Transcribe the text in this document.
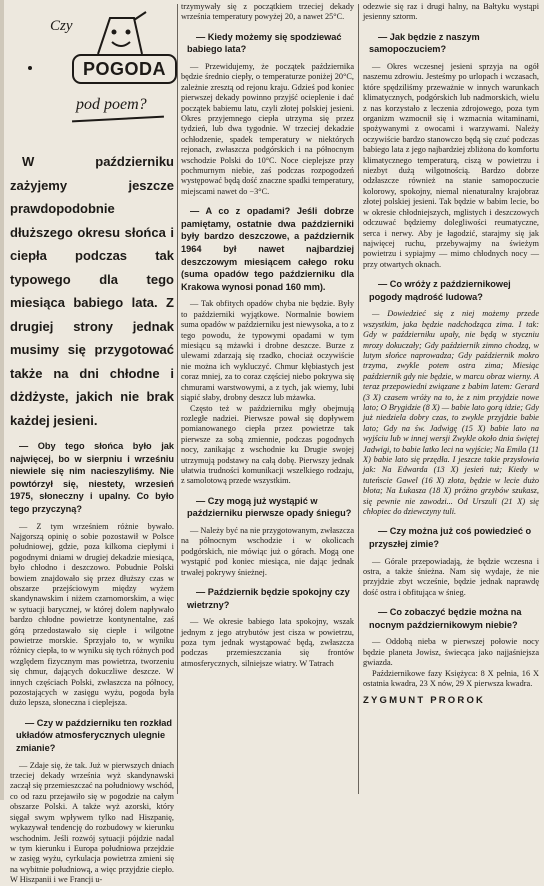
Czy
POGODA
pod poem?
W październiku zażyjemy jeszcze prawdopodobnie dłuższego okresu słońca i ciepła podczas tak typowego dla tego miesiąca babiego lata. Z drugiej strony jednak musimy się przygotować także na dni chłodne i dżdżyste, jakich nie brak każdej jesieni.
— Oby tego słońca było jak najwięcej, bo w sierpniu i wrześniu niewiele się nim nacieszyliśmy. Nie powtórzył się, niestety, wrzesień 1975, słoneczny i upalny. Co było tego przyczyną?

— Z tym wrześniem różnie bywało. Najgorszą opinię o sobie pozostawił w Polsce południowej, gdzie, poza kilkoma ciepłymi i pogodnymi dniami w drugiej dekadzie miesiąca, było chłodno i deszczowo. Pobudnie Polski bowiem znajdowało się przez dłuższy czas w obszarze przejściowym między wyżem skandynawskim i niżem czarnomorskim, a więc w sytuacji barycznej, w której dolem napływało bardzo chłodne powietrze kontynentalne, zaś górą przedostawało się ciepłe i wilgotne powietrze morskie. Sprzyjało to, w wyniku różnicy ciepła, to w wyniku się tych różnych pod względem fizycznym mas powietrza, tworzeniu się chmur, dających dokuczliwe deszcze. W innych częściach Polski, zwłaszcza na północy, pozostających w zasięgu wyżu, pogoda była dużo lepsza, słoneczna i cieplejsza.

— Czy w październiku ten rozkład układów atmosferycznych ulegnie zmianie?

— Zdaje się, że tak. Już w pierwszych dniach trzeciej dekady września wyż skandynawski zaczął się przemieszczać na południowy wschód, co od razu przejawiło się w pogodzie na całym obszarze Polski. A także wyż azorski, który sięgał swym wpływem tylko nad Hiszpanię, wykazywał tendencję do rozbudowy w kierunku wschodnim. Jeśli rozwój sytuacji pójdzie nadal w tym kierunku i Europa południowa przejdzie w zasięg wyżu, cyrkulacja powietrza zmieni się na wybitnie południową, a więc przyjdzie ciepło. W Hiszpanii i we Francji u-

trzymywały się z początkiem trzeciej dekady września temperatury powyżej 20, a nawet 25°C.

— Kiedy możemy się spodziewać babiego lata?

— Przewidujemy, że początek października będzie średnio ciepły, o temperaturze poniżej 20°C, zależnie zresztą od rejonu kraju. Gdzieś pod koniec pierwszej dekady powinno przyjść ocieplenie i dać początek babiemu latu, czyli złotej polskiej jesieni. Okres przyjemnego ciepła utrzyma się przez tydzień, lub dwa tygodnie. W trzeciej dekadzie ochłodzenie, spadek temperatury w niektórych rejonach, zwłaszcza podgórskich i na północnym wschodzie Polski do 10°C. Noce cieplejsze przy pochmurnym niebie, zaś podczas rozpogodzeń występować będą dość znaczne spadki temperatury, miejscami nawet do −3°C.

— A co z opadami? Jeśli dobrze pamiętamy, ostatnie dwa październiki były bardzo deszczowe, a październik 1964 był nawet najbardziej deszczowym miesiącem całego roku (suma opadów tego październiku dla Krakowa wynosi ponad 160 mm).

— Tak obfitych opadów chyba nie będzie. Były to październiki wyjątkowe. Normalnie bowiem suma opadów w październiku jest niewysoka, a to z tego powodu, że typowymi opadami w tym miesiącu są mżawki i drobne deszcze. Burze z ulewami zdarzają się rzadko, chociaż oczywiście nie można ich wykluczyć. Chmur kłębiastych jest coraz mniej, za to coraz częściej niebo pokrywa się chmurami warstwowymi, a z tych, jak wiemy, lubi siąpić słaby, drobny deszcz lub mżawka.

Często też w październiku mgły obejmują rozległe nadziei. Pierwsze pował się dopływem pomianowanego ciepła przez powietrze tak pierwsze za sobą zmiennie, podczas pogodnych nocy, zanikając z wschodnie ku Drugie swojej utrzymują podstawy na całą dobę. Pierwszy jednak ułatwia trudności komunikacji wszelkiego rodzaju, z samolotową przede wszystkim.

— Czy mogą już wystąpić w październiku pierwsze opady śniegu?

— Należy być na nie przygotowanym, zwłaszcza na północnym wschodzie i w okolicach podgórskich, nie mówiąc już o górach. Mogą one wystąpić pod koniec miesiąca, nie dając jednak trwałej pokrywy śnieżnej.

— Październik będzie spokojny czy wietrzny?

— We okresie babiego lata spokojny, wszak jednym z jego atrybutów jest cisza w powietrzu, poza tym jednak wystąpować będą, zwłaszcza podczas przemieszczania się frontów atmosferycznych, silniejsze wiatry. W Tatrach

odezwie się raz i drugi halny, na Bałtyku wystąpi jesienny sztorm.

— Jak będzie z naszym samopoczuciem?

— Okres wczesnej jesieni sprzyja na ogół naszemu zdrowiu. Jesteśmy po urlopach i wczasach, które spędziliśmy przeważnie w innych warunkach klimatycznych, podgórskich lub nadmorskich, wielu z nas korzystało z leczenia zdrojowego, poza tym organizm wzmocnił się i wzmacnia witaminami, spożywanymi z owocami i warzywami. Należy oczywiście bardzo stanowczo będą się czuć podczas babiego lata z jego najbardziej zbliżona do komfortu klimatycznego temperaturą, ciszą w powietrzu i niezbyt dużą wilgotnością. Bardzo dobrze odzłaszcze również na stanie samopoczucie kolorowy, spokojny, niemal nienaturalny krajobraz złotej polskiej jesieni. Tak będzie w babim lecie, bo w okresie chłodniejszych, mglistych i deszczowych odczuwać będziemy dolegliwości reumatyczne, serca i nerwy. Aby je łagodzić, starajmy się jak najwięcej ruchu, przebywajmy na świeżym powietrzu i sypiajmy — mimo chłodnych nocy — przy otwartych oknach.

— Co wróży z październikowej pogody mądrość ludowa?

— Dowiedzieć się z niej możemy przede wszystkim, jaka będzie nadchodząca zima. I tak: Gdy w październiku upały, nie będą w styczniu mrozy dokuczały; Gdy październik zimno chodzą, w lutym słońce naprowadza; Gdy październik mokro trzyma, zwykle potem ostra zima; Miesiąc październik gdy nie będzie, w marcu obraz wierny. A teraz przepowiedni związane z babim latem: Gerard (3 X) czasem wróży na to, że z nim przyjdzie nowe lato; O Brygidzie (8 X) — babie lato gorą idzie; Gdy już niedziela dobry czas, to zwykle przyjdzie babie lato; Gdy na św. Jadwigę (15 X) babie lato na wyjściu lub w innej wersji Zwykle około dnia świętej Jadwigi, to babie latko leci na wyjście; Na Emila (11 X) babie lato się przędła. I jeszcze takie przysłowia jak: Na Edwarda (13 X) jesień tuż; Kiedy w tuteńscie Gawel (16 X) złota, będzie w lecie dużo błota; Na Łukasza (18 X) próżno grzybów szukasz, się pewnie nie zawodzi... Od Urszuli (21 X) się chłopiec do dziewczyny tuli.

— Czy można już coś powiedzieć o przyszłej zimie?

— Górale przepowiadają, że będzie wczesna i ostra, a także śnieżna. Nam się wydaje, że nie przyjdzie zbyt wcześnie, będzie jednak naprawdę dość ostra i obfitująca w śnieg.

— Co zobaczyć będzie można na nocnym październikowym niebie?

— Oddobą nieba w pierwszej połowie nocy będzie planeta Jowisz, świecąca jako najjaśniejsza gwiazda.

Październikowe fazy Księżyca: 8 X pełnia, 16 X ostatnia kwadra, 23 X nów, 29 X pierwsza kwadra.

ZYGMUNT PROROK
